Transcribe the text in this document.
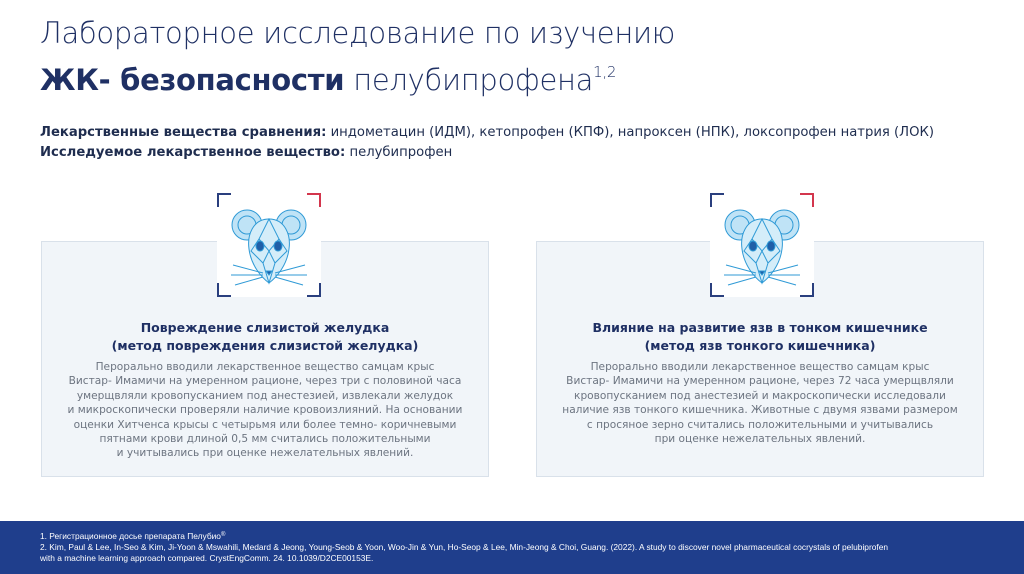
Лабораторное исследование по изучению
ЖК- безопасности пелубипрофена$^{1,2}$
Лекарственные вещества сравнения: индометацин (ИДМ), кетопрофен (КПФ), напроксен (НПК), локсопрофен натрия (ЛОК)
Исследуемое лекарственное вещество: пелубипрофен
Повреждение слизистой желудка
(метод повреждения слизистой желудка)
Перорально вводили лекарственное вещество самцам крыс
Вистар- Имамичи на умеренном рационе, через три с половиной часа
умерщвляли кровопусканием под анестезией, извлекали желудок
и микроскопически проверяли наличие кровоизлияний. На основании
оценки Хитченса крысы с четырьмя или более темно- коричневыми
пятнами крови длиной 0,5 мм считались положительными
и учитывались при оценке нежелательных явлений.
Влияние на развитие язв в тонком кишечнике
(метод язв тонкого кишечника)
Перорально вводили лекарственное вещество самцам крыс
Вистар- Имамичи на умеренном рационе, через 72 часа умерщвляли
кровопусканием под анестезией и макроскопически исследовали
наличие язв тонкого кишечника. Животные с двумя язвами размером
с просяное зерно считались положительными и учитывались
при оценке нежелательных явлений.
1. Регистрационное досье препарата Пелубио®
2. Kim, Paul & Lee, In-Seo & Kim, Ji-Yoon & Mswahili, Medard & Jeong, Young-Seob & Yoon, Woo-Jin & Yun, Ho-Seop & Lee, Min-Jeong & Choi, Guang. (2022). A study to discover novel pharmaceutical cocrystals of pelubiprofen
with a machine learning approach compared. CrystEngComm. 24. 10.1039/D2CE00153E.
